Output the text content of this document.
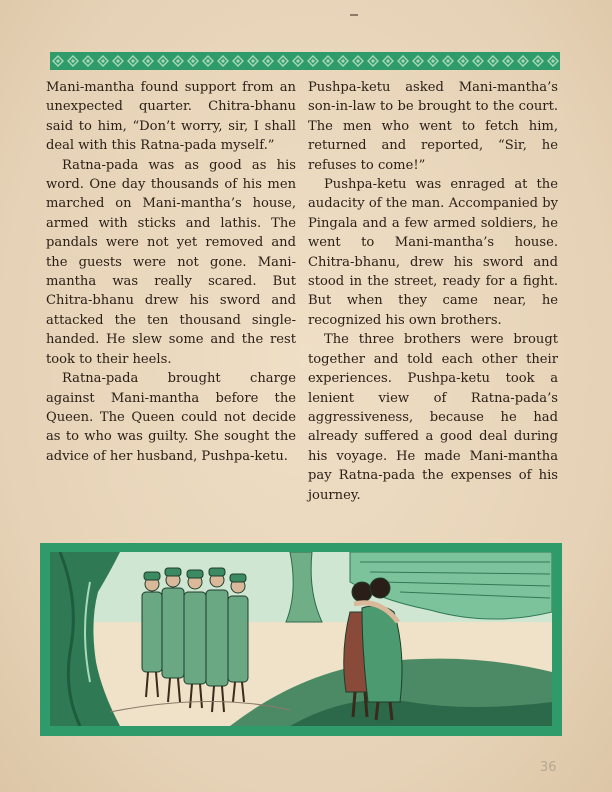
Mani-mantha found support from an unexpected quarter. Chitra-bhanu said to him, “Don’t worry, sir, I shall deal with this Ratna-pada myself.”

Ratna-pada was as good as his word. One day thousands of his men marched on Mani-mantha’s house, armed with sticks and lathis. The pandals were not yet removed and the guests were not gone. Mani-mantha was really scared. But Chitra-bhanu drew his sword and attacked the ten thousand single-handed. He slew some and the rest took to their heels.

Ratna-pada brought charge against Mani-mantha before the Queen. The Queen could not decide as to who was guilty. She sought the advice of her husband, Pushpa-ketu.

Pushpa-ketu asked Mani-mantha’s son-in-law to be brought to the court. The men who went to fetch him, returned and reported, “Sir, he refuses to come!”

Pushpa-ketu was enraged at the audacity of the man. Accompanied by Pingala and a few armed soldiers, he went to Mani-mantha’s house. Chitra-bhanu, drew his sword and stood in the street, ready for a fight. But when they came near, he recognized his own brothers.

The three brothers were brougt together and told each other their experiences. Pushpa-ketu took a lenient view of Ratna-pada’s aggressiveness, because he had already suffered a good deal during his voyage. He made Mani-mantha pay Ratna-pada the expenses of his journey.

36
